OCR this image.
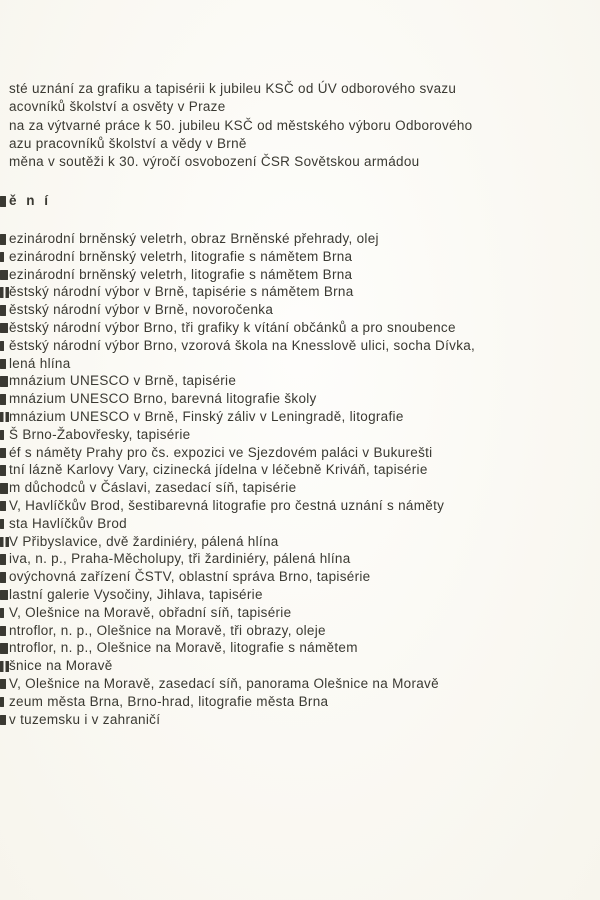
sté uznání za grafiku a tapisérii k jubileu KSČ od ÚV odborového svazu
acovníků školství a osvěty v Praze
na za výtvarné práce k 50. jubileu KSČ od městského výboru Odborového
azu pracovníků školství a vědy v Brně
měna v soutěži k 30. výročí osvobození ČSR Sovětskou armádou
ě n í
ezinárodní brněnský veletrh, obraz Brněnské přehrady, olej
ezinárodní brněnský veletrh, litografie s námětem Brna
ezinárodní brněnský veletrh, litografie s námětem Brna
ěstský národní výbor v Brně, tapisérie s námětem Brna
ěstský národní výbor v Brně, novoročenka
ěstský národní výbor Brno, tři grafiky k vítání občánků a pro snoubence
ěstský národní výbor Brno, vzorová škola na Knesslově ulici, socha Dívka,
lená hlína
mnázium UNESCO v Brně, tapisérie
mnázium UNESCO Brno, barevná litografie školy
mnázium UNESCO v Brně, Finský záliv v Leningradě, litografie
Š Brno-Žabovřesky, tapisérie
éf s náměty Prahy pro čs. expozici ve Sjezdovém paláci v Bukurešti
tní lázně Karlovy Vary, cizinecká jídelna v léčebně Kriváň, tapisérie
m důchodců v Čáslavi, zasedací síň, tapisérie
V, Havlíčkův Brod, šestibarevná litografie pro čestná uznání s náměty
sta Havlíčkův Brod
V Přibyslavice, dvě žardiniéry, pálená hlína
iva, n. p., Praha-Měcholupy, tři žardiniéry, pálená hlína
ovýchovná zařízení ČSTV, oblastní správa Brno, tapisérie
lastní galerie Vysočiny, Jihlava, tapisérie
V, Olešnice na Moravě, obřadní síň, tapisérie
ntroflor, n. p., Olešnice na Moravě, tři obrazy, oleje
ntroflor, n. p., Olešnice na Moravě, litografie s námětem
šnice na Moravě
V, Olešnice na Moravě, zasedací síň, panorama Olešnice na Moravě
zeum města Brna, Brno-hrad, litografie města Brna
v tuzemsku i v zahraničí
